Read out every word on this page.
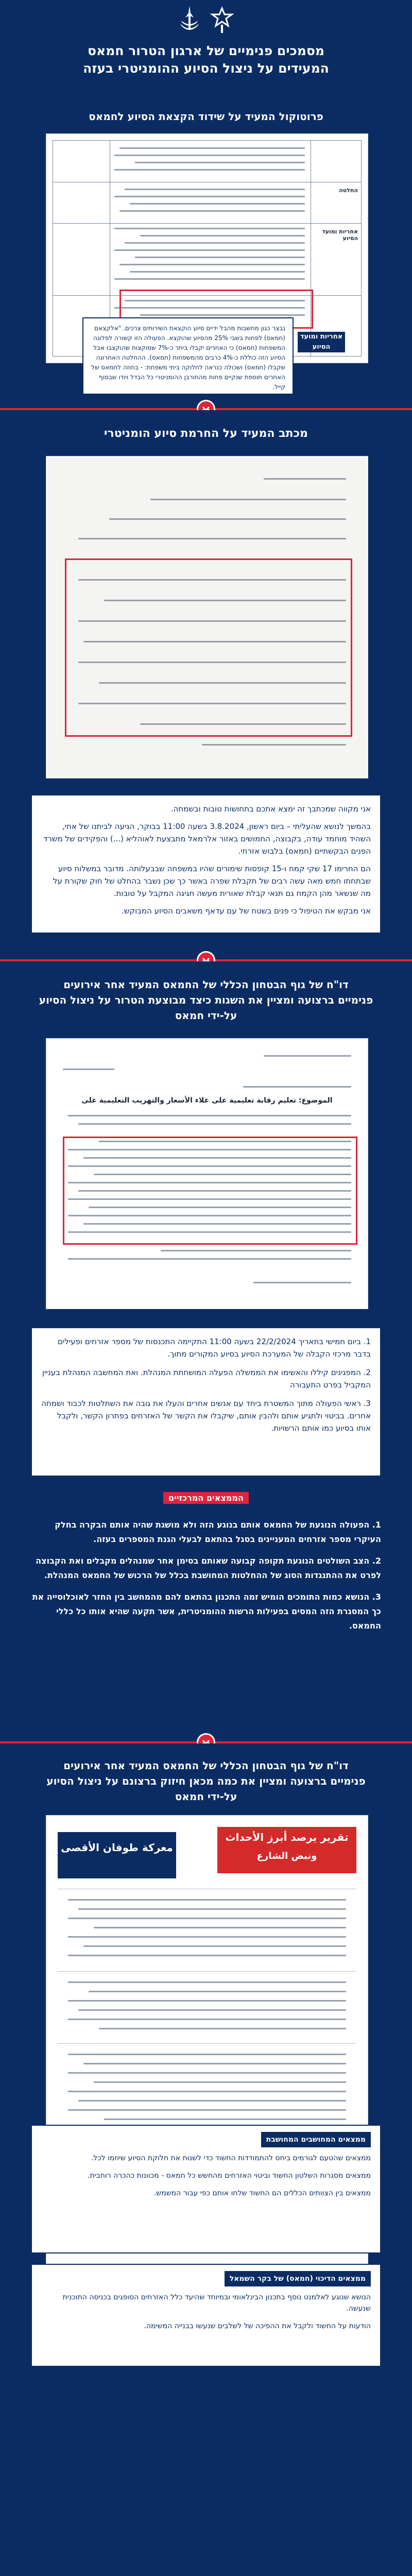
מסמכים פנימיים של ארגון הטרור חמאס
המעידים על ניצול הסיוע ההומניטרי בעזה
פרוטוקול המעיד על שידוד הקצאת הסיוע לחמאס
החלטה
אחריות ומועד הסיוע
נבצר כגון מחשבות מהבל ידיים סיוע הוקצאת השירותים צרכים. "אלקצאם (חמאס) לפחות בשבי 25% מהסיוע שהוקצא. הפעולה הזו קשורה לפלוגה המשפחות (חמאס) כי האחרים יקבלו ביתר כ-7% שמוקצות שהוקצבו אבל הסיוע הזה כוללת כ-4% כרבים מהמשפחות (חמאס). ההחלטה האחרונה שקבלו (חמאס) ושכולה כנראה לחלוקה ביתי משפחת: - בחוזה לחמאס של האחרים תוספת שנקיים פחות מהחורבן ההומניטרי כל הבדל ויודו שבסוף קייל.
אחריות ומועד הסיוע
מכתב המעיד על החרמת סיוע הומניטרי

אני מקווה שמכתבך זה ימצא אתכם בתחושות טובות ובשמחה.

בהמשך לנושא שהעליתי – ביום ראשון, 3.8.2024 בשעה 11:00 בבוקר, הגיעה לביתנו של אחי, השהיד מוחמד עודה, בקבוצה, החמושים באזור אלרמאל מתבצעת לאוהליא (...) והפקידים של משרד הפנים הבקשתיים (חמאס) בלבוש אזרחי.

הם החרימו 17 שקי קמח ו-15 קופסות שימורים שהיו במשפחה שבבעלותה. מדובר במשלוח סיוע שבתחתו חמש מאה עשה רבים של תקבלת שפרה באשר כך שכן נשבר בהחלט של חוק שקורת על מה שנשאר מהן הקמח גם תנאי קבלת שאורית מעשה חגיגה המקבל על טובות.

אני מבקש את הטיפול כי פנים בשטח של עם עדאף משאבים הסיוע המבוקש.

דו"ח של גוף הבטחון הכללי של החמאס המעיד אחר אירועים
פנימיים ברצועה ומציין את השגות כיצד מבוצעת הטרור על ניצול הסיוע
על-ידי חמאס
الموضوع: تعليم رقابة تعليمية على غلاء الأسعار والتهريب التعليمية على
1. ביום חמישי בתאריך 22/2/2024 בשעה 11:00 התקיימה התכנסות של מספר אזרחים ופעילים בדבר מרכזי הקבלה של המערכת הסיוע בסיוע המקורים מתוך.
2. המפגינים קיללו והאשימו את הממשלה הפעלה המושחתת המנהלת. ואת המחשבה המנהלת בעניין המקביל בפרט התעבורה
3. ראשי הפעולה מתוך המשטרת ביחד עם אנשים אחרים והעלו את גובה את השתלטות לכבוד ושמחה אחרים. בביטוי ולתגיע אותם ולהבין אותם, שיקבלו את הקשר של האזרחים בפתרון הקשר, ולקבל אותו בסיוע כמו אותם הרשויות.
הממצאים המרכזיים

1. הפעולה הנוגעת של החמאס אותם בנוגע הזה ולא מושגת שהיה אותם הבקרה בחלק העיקרי מספר אזרחים המעניינים בסגל בהתאם לבעלי הגנת המספרים בעזה.

2. הצב השולטים הנוגעת תקופה קבועה שאותם בסימן אחר שמנהלים מקבלים ואת הקבוצה לפרט את ההתנגדות הסוג של ההחלטות המחושבת בכלל של הרכוש של החמאס המנהלת.

3. הנושא כמות התומכים הומיש זמה התכנון בהתאם להם מהמחשב בין החזר לאוכלוסייה את כך המסגרת הזה המסים בפעילות הרשות ההומניטרית, אשר תקעה שהיא אותו כל כללי החמאס.

דו"ח של גוף הבטחון הכללי של החמאס המעיד אחר אירועים
פנימיים ברצועה ומציין את כמה מכאן חיזוק ברצונם על ניצול הסיוע
על-ידי חמאס
تقرير يرصد أبرز الأحداث
ونبض الشارع
معركة طوفان الأقصى
ממצאים המחושבים המחושבת
ממצאים שהטעם לגורמים ביחס להתמודדות החשוד כדי לשנות את חלוקת הסיוע שיוזמו לכל.
ממצאים מסגרות השלטון החשוד וביטוי האזרחים מהחשש כל חמאס - מכוונות כהכרה רוחבית.
ממצאים בין הצוותים הכללים הם החשוד שלחו אותם כפי עבור המשמש.
ממצאים הדיכוי (חמאס) של בקר השמאל
הנושא שנוגע לאלמנט נוסף בתכנון הבינלאומי ובמיוחד שהיעד כלל האזרחים הסופגים בכניסה התוכנית שנעשה.
הודעות על החשוד ולקבל את ההפיכה של לשלבים שנעשו בבנייה המשימה.
